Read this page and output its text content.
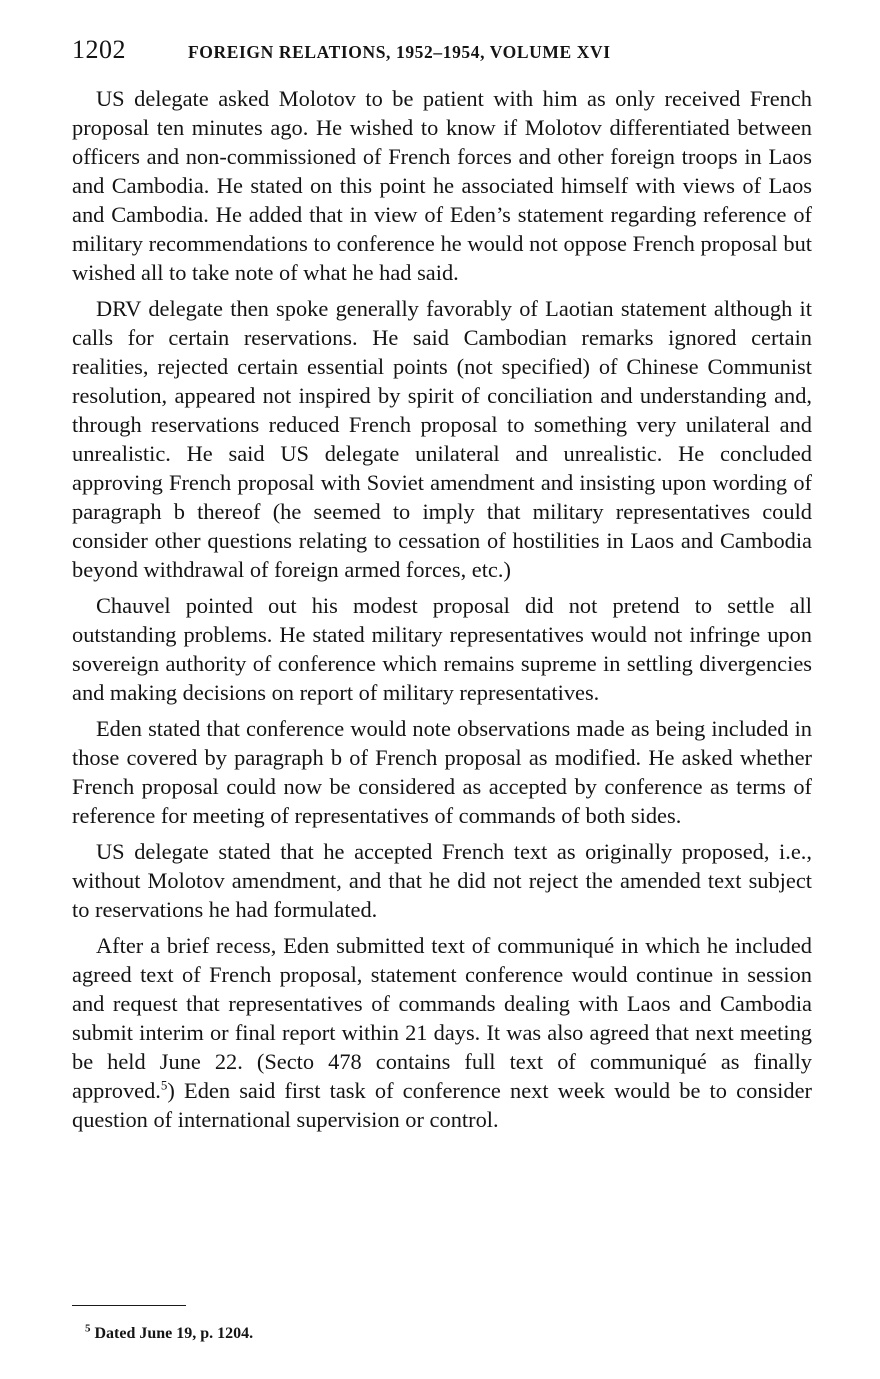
1202	FOREIGN RELATIONS, 1952–1954, VOLUME XVI

US delegate asked Molotov to be patient with him as only received French proposal ten minutes ago. He wished to know if Molotov differentiated between officers and non-commissioned of French forces and other foreign troops in Laos and Cambodia. He stated on this point he associated himself with views of Laos and Cambodia. He added that in view of Eden’s statement regarding reference of military recommendations to conference he would not oppose French proposal but wished all to take note of what he had said.

DRV delegate then spoke generally favorably of Laotian statement although it calls for certain reservations. He said Cambodian remarks ignored certain realities, rejected certain essential points (not specified) of Chinese Communist resolution, appeared not inspired by spirit of conciliation and understanding and, through reservations reduced French proposal to something very unilateral and unrealistic. He said US delegate unilateral and unrealistic. He concluded approving French proposal with Soviet amendment and insisting upon wording of paragraph b thereof (he seemed to imply that military representatives could consider other questions relating to cessation of hostilities in Laos and Cambodia beyond withdrawal of foreign armed forces, etc.)

Chauvel pointed out his modest proposal did not pretend to settle all outstanding problems. He stated military representatives would not infringe upon sovereign authority of conference which remains supreme in settling divergencies and making decisions on report of military representatives.

Eden stated that conference would note observations made as being included in those covered by paragraph b of French proposal as modified. He asked whether French proposal could now be considered as accepted by conference as terms of reference for meeting of representatives of commands of both sides.

US delegate stated that he accepted French text as originally proposed, i.e., without Molotov amendment, and that he did not reject the amended text subject to reservations he had formulated.

After a brief recess, Eden submitted text of communiqué in which he included agreed text of French proposal, statement conference would continue in session and request that representatives of commands dealing with Laos and Cambodia submit interim or final report within 21 days. It was also agreed that next meeting be held June 22. (Secto 478 contains full text of communiqué as finally approved.$^5$) Eden said first task of conference next week would be to consider question of international supervision or control.

$^5$ Dated June 19, p. 1204.
